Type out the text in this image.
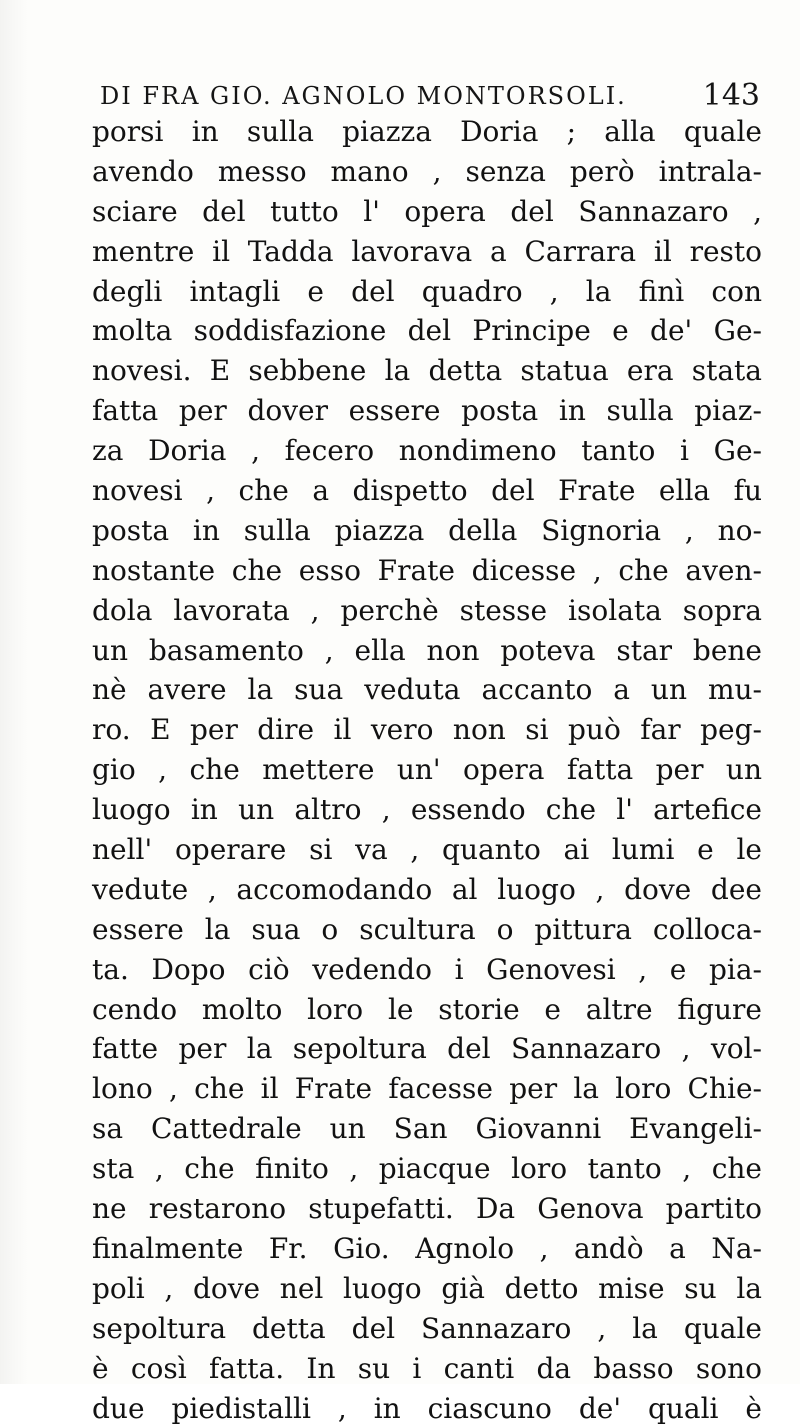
DI FRA GIO. AGNOLO MONTORSOLI.	143
porsi in sulla piazza Doria ; alla quale
avendo messo mano , senza però intrala-
sciare del tutto l' opera del Sannazaro ,
mentre il Tadda lavorava a Carrara il resto
degli intagli e del quadro , la finì con
molta soddisfazione del Principe e de' Ge-
novesi. E sebbene la detta statua era stata
fatta per dover essere posta in sulla piaz-
za Doria , fecero nondimeno tanto i Ge-
novesi , che a dispetto del Frate ella fu
posta in sulla piazza della Signoria , no-
nostante che esso Frate dicesse , che aven-
dola lavorata , perchè stesse isolata sopra
un basamento , ella non poteva star bene
nè avere la sua veduta accanto a un mu-
ro. E per dire il vero non si può far peg-
gio , che mettere un' opera fatta per un
luogo in un altro , essendo che l' artefice
nell' operare si va , quanto ai lumi e le
vedute , accomodando al luogo , dove dee
essere la sua o scultura o pittura colloca-
ta. Dopo ciò vedendo i Genovesi , e pia-
cendo molto loro le storie e altre figure
fatte per la sepoltura del Sannazaro , vol-
lono , che il Frate facesse per la loro Chie-
sa Cattedrale un San Giovanni Evangeli-
sta , che finito , piacque loro tanto , che
ne restarono stupefatti. Da Genova partito
finalmente Fr. Gio. Agnolo , andò a Na-
poli , dove nel luogo già detto mise su la
sepoltura detta del Sannazaro , la quale
è così fatta. In su i canti da basso sono
due piedistalli , in ciascuno de' quali è
